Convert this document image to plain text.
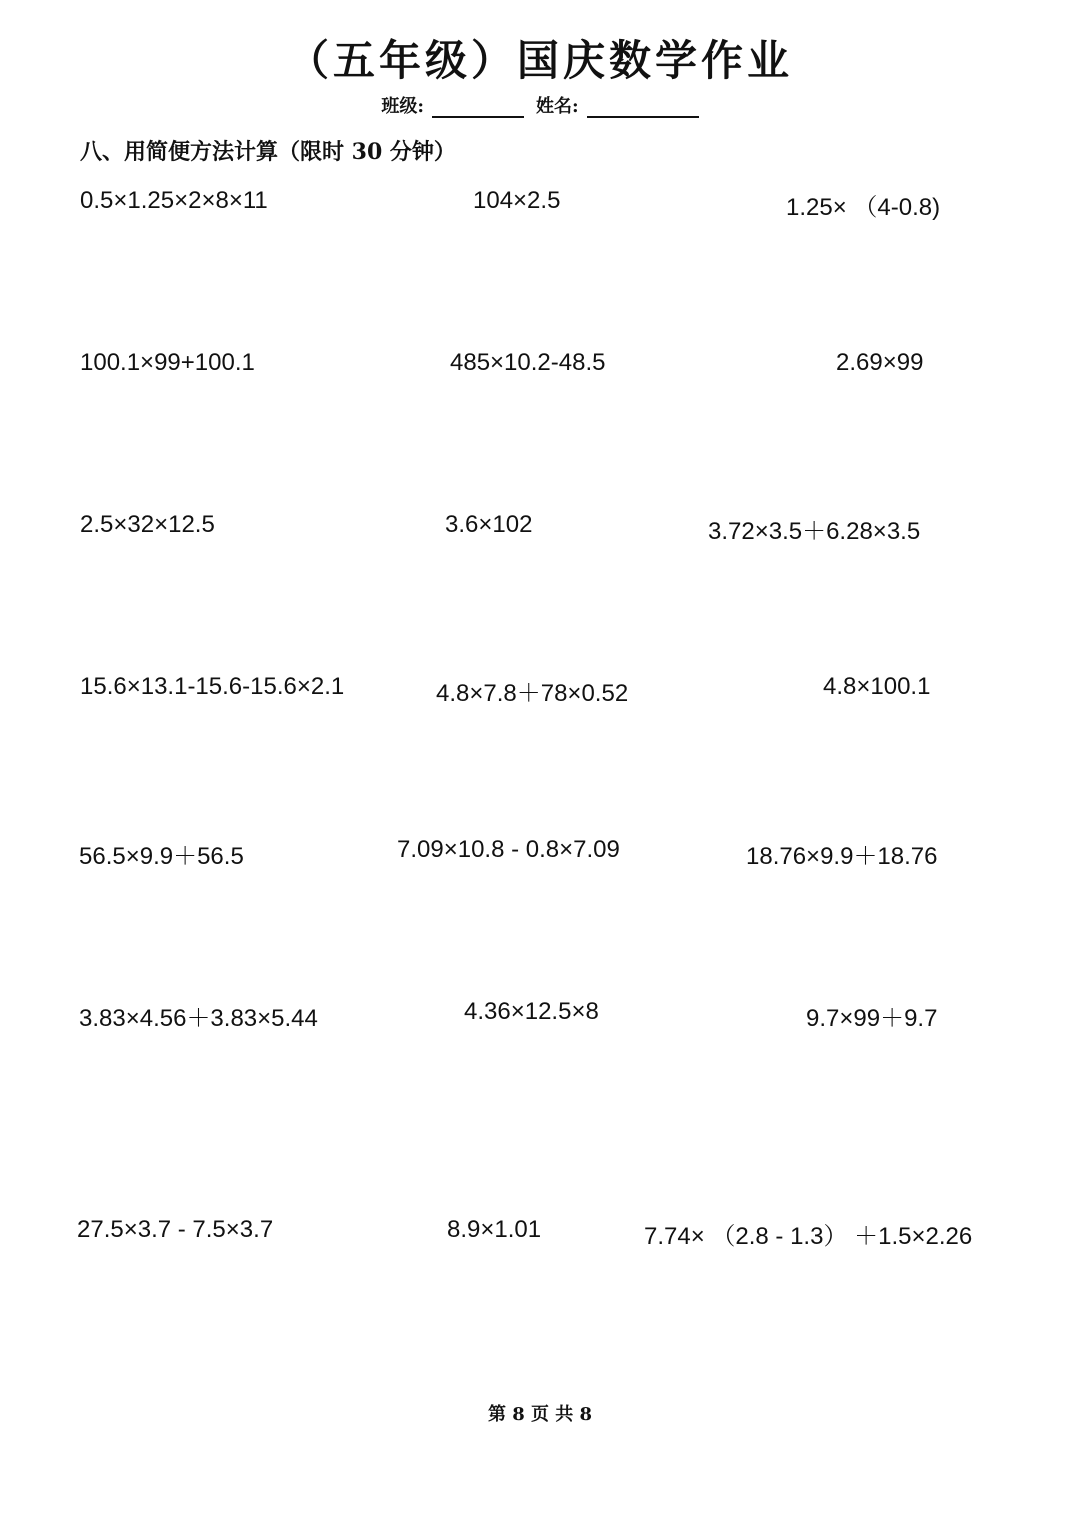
（五年级）国庆数学作业
班级:	姓名:
八、用简便方法计算（限时 30 分钟）
0.5×1.25×2×8×11	104×2.5	1.25× （4-0.8)
100.1×99+100.1	485×10.2-48.5	2.69×99
2.5×32×12.5	3.6×102	3.72×3.5＋6.28×3.5
15.6×13.1-15.6-15.6×2.1	4.8×7.8＋78×0.52	4.8×100.1
56.5×9.9＋56.5	7.09×10.8 - 0.8×7.09	18.76×9.9＋18.76
3.83×4.56＋3.83×5.44	4.36×12.5×8	9.7×99＋9.7
27.5×3.7 - 7.5×3.7	8.9×1.01	7.74× （2.8 - 1.3） ＋1.5×2.26
第 8 页 共 8
